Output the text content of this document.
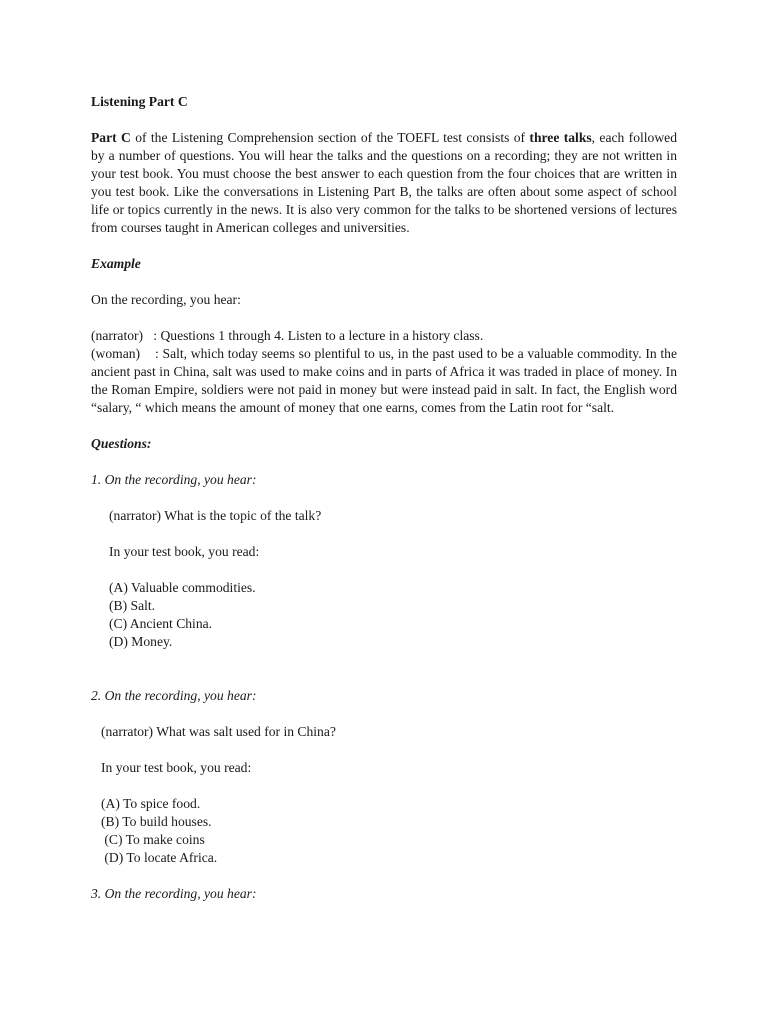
Listening Part C

Part C of the Listening Comprehension section of the TOEFL test consists of three talks, each followed by a number of questions. You will hear the talks and the questions on a recording; they are not written in your test book. You must choose the best answer to each question from the four choices that are written in you test book. Like the conversations in Listening Part B, the talks are often about some aspect of school life or topics currently in the news. It is also very common for the talks to be shortened versions of lectures from courses taught in American colleges and universities.

Example

On the recording, you hear:

(narrator) : Questions 1 through 4. Listen to a lecture in a history class.
(woman)    : Salt, which today seems so plentiful to us, in the past used to be a valuable commodity. In the ancient past in China, salt was used to make coins and in parts of Africa it was traded in place of money. In the Roman Empire, soldiers were not paid in money but were instead paid in salt. In fact, the English word “salary, “ which means the amount of money that one earns, comes from the Latin root for “salt.

Questions:

1. On the recording, you hear:

(narrator) What is the topic of the talk?

In your test book, you read:

(A) Valuable commodities.

(B) Salt.

(C) Ancient China.

(D) Money.

2. On the recording, you hear:

(narrator) What was salt used for in China?

In your test book, you read:

(A) To spice food.

(B) To build houses.

(C) To make coins

(D) To locate Africa.

3. On the recording, you hear:
